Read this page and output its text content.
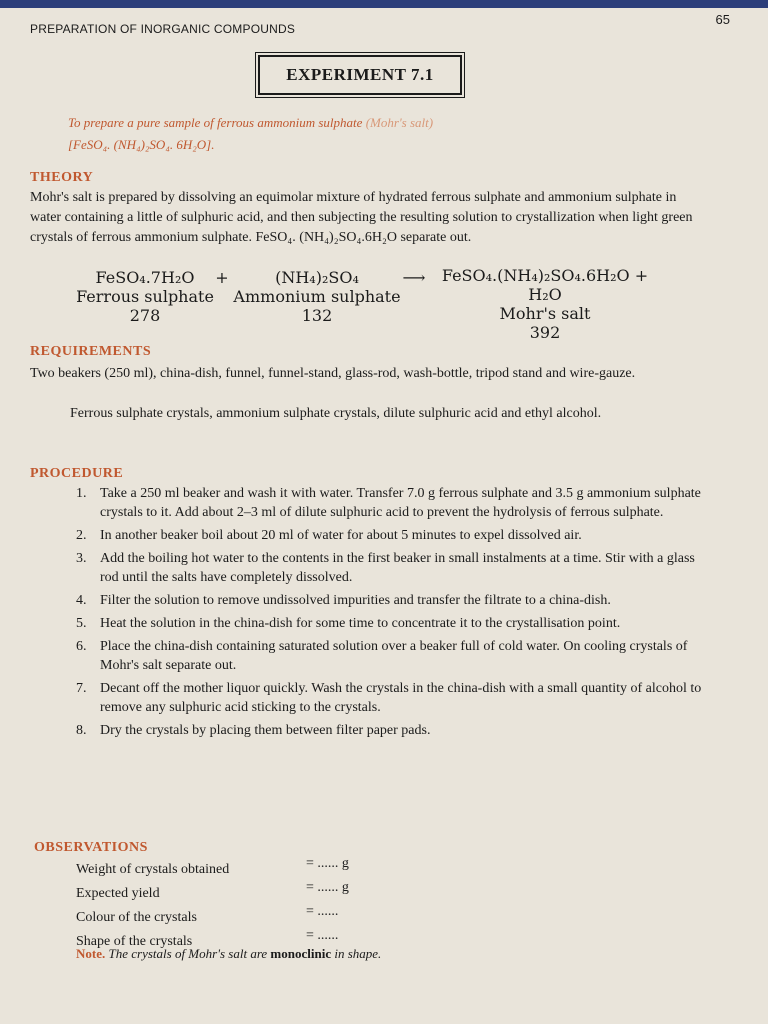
PREPARATION OF INORGANIC COMPOUNDS
65
EXPERIMENT 7.1
To prepare a pure sample of ferrous ammonium sulphate (Mohr's salt)
[FeSO₄. (NH₄)₂SO₄. 6H₂O].
THEORY
Mohr's salt is prepared by dissolving an equimolar mixture of hydrated ferrous sulphate and ammonium sulphate in water containing a little of sulphuric acid, and then subjecting the resulting solution to crystallization when light green crystals of ferrous ammonium sulphate. FeSO₄. (NH₄)₂SO₄.6H₂O separate out.
FeSO₄.7H₂O
Ferrous sulphate
278
+	(NH₄)₂SO₄
Ammonium sulphate
132
⟶	FeSO₄.(NH₄)₂SO₄.6H₂O + H₂O
Mohr's salt
392
REQUIREMENTS
Two beakers (250 ml), china-dish, funnel, funnel-stand, glass-rod, wash-bottle, tripod stand and wire-gauze.
Ferrous sulphate crystals, ammonium sulphate crystals, dilute sulphuric acid and ethyl alcohol.
PROCEDURE
1. Take a 250 ml beaker and wash it with water. Transfer 7.0 g ferrous sulphate and 3.5 g ammonium sulphate crystals to it. Add about 2–3 ml of dilute sulphuric acid to prevent the hydrolysis of ferrous sulphate.
2. In another beaker boil about 20 ml of water for about 5 minutes to expel dissolved air.
3. Add the boiling hot water to the contents in the first beaker in small instalments at a time. Stir with a glass rod until the salts have completely dissolved.
4. Filter the solution to remove undissolved impurities and transfer the filtrate to a china-dish.
5. Heat the solution in the china-dish for some time to concentrate it to the crystallisation point.
6. Place the china-dish containing saturated solution over a beaker full of cold water. On cooling crystals of Mohr's salt separate out.
7. Decant off the mother liquor quickly. Wash the crystals in the china-dish with a small quantity of alcohol to remove any sulphuric acid sticking to the crystals.
8. Dry the crystals by placing them between filter paper pads.
OBSERVATIONS
Weight of crystals obtained	= ...... g
Expected yield	= ...... g
Colour of the crystals	= ......
Shape of the crystals	= ......
Note. The crystals of Mohr's salt are monoclinic in shape.
